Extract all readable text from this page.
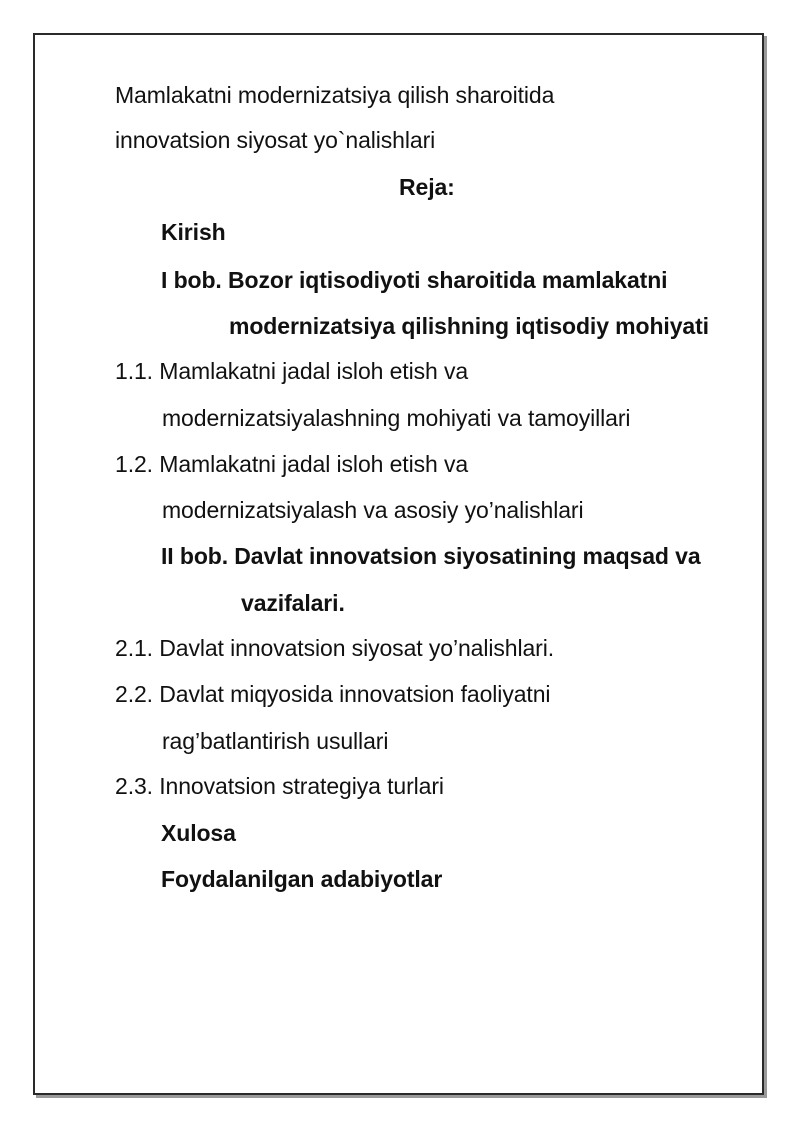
Mamlakatni modernizatsiya qilish sharoitida
innovatsion siyosat yo`nalishlari
Reja:
Kirish
I bob. Bozor iqtisodiyoti sharoitida mamlakatni
modernizatsiya qilishning iqtisodiy mohiyati
1.1. Mamlakatni jadal isloh etish va
modernizatsiyalashning mohiyati va tamoyillari
1.2. Mamlakatni jadal isloh etish va
modernizatsiyalash va asosiy yo’nalishlari
II bob. Davlat innovatsion siyosatining maqsad va
vazifalari.
2.1. Davlat innovatsion siyosat yo’nalishlari.
2.2. Davlat miqyosida innovatsion faoliyatni
rag’batlantirish usullari
2.3. Innovatsion strategiya turlari
Xulosa
Foydalanilgan adabiyotlar
